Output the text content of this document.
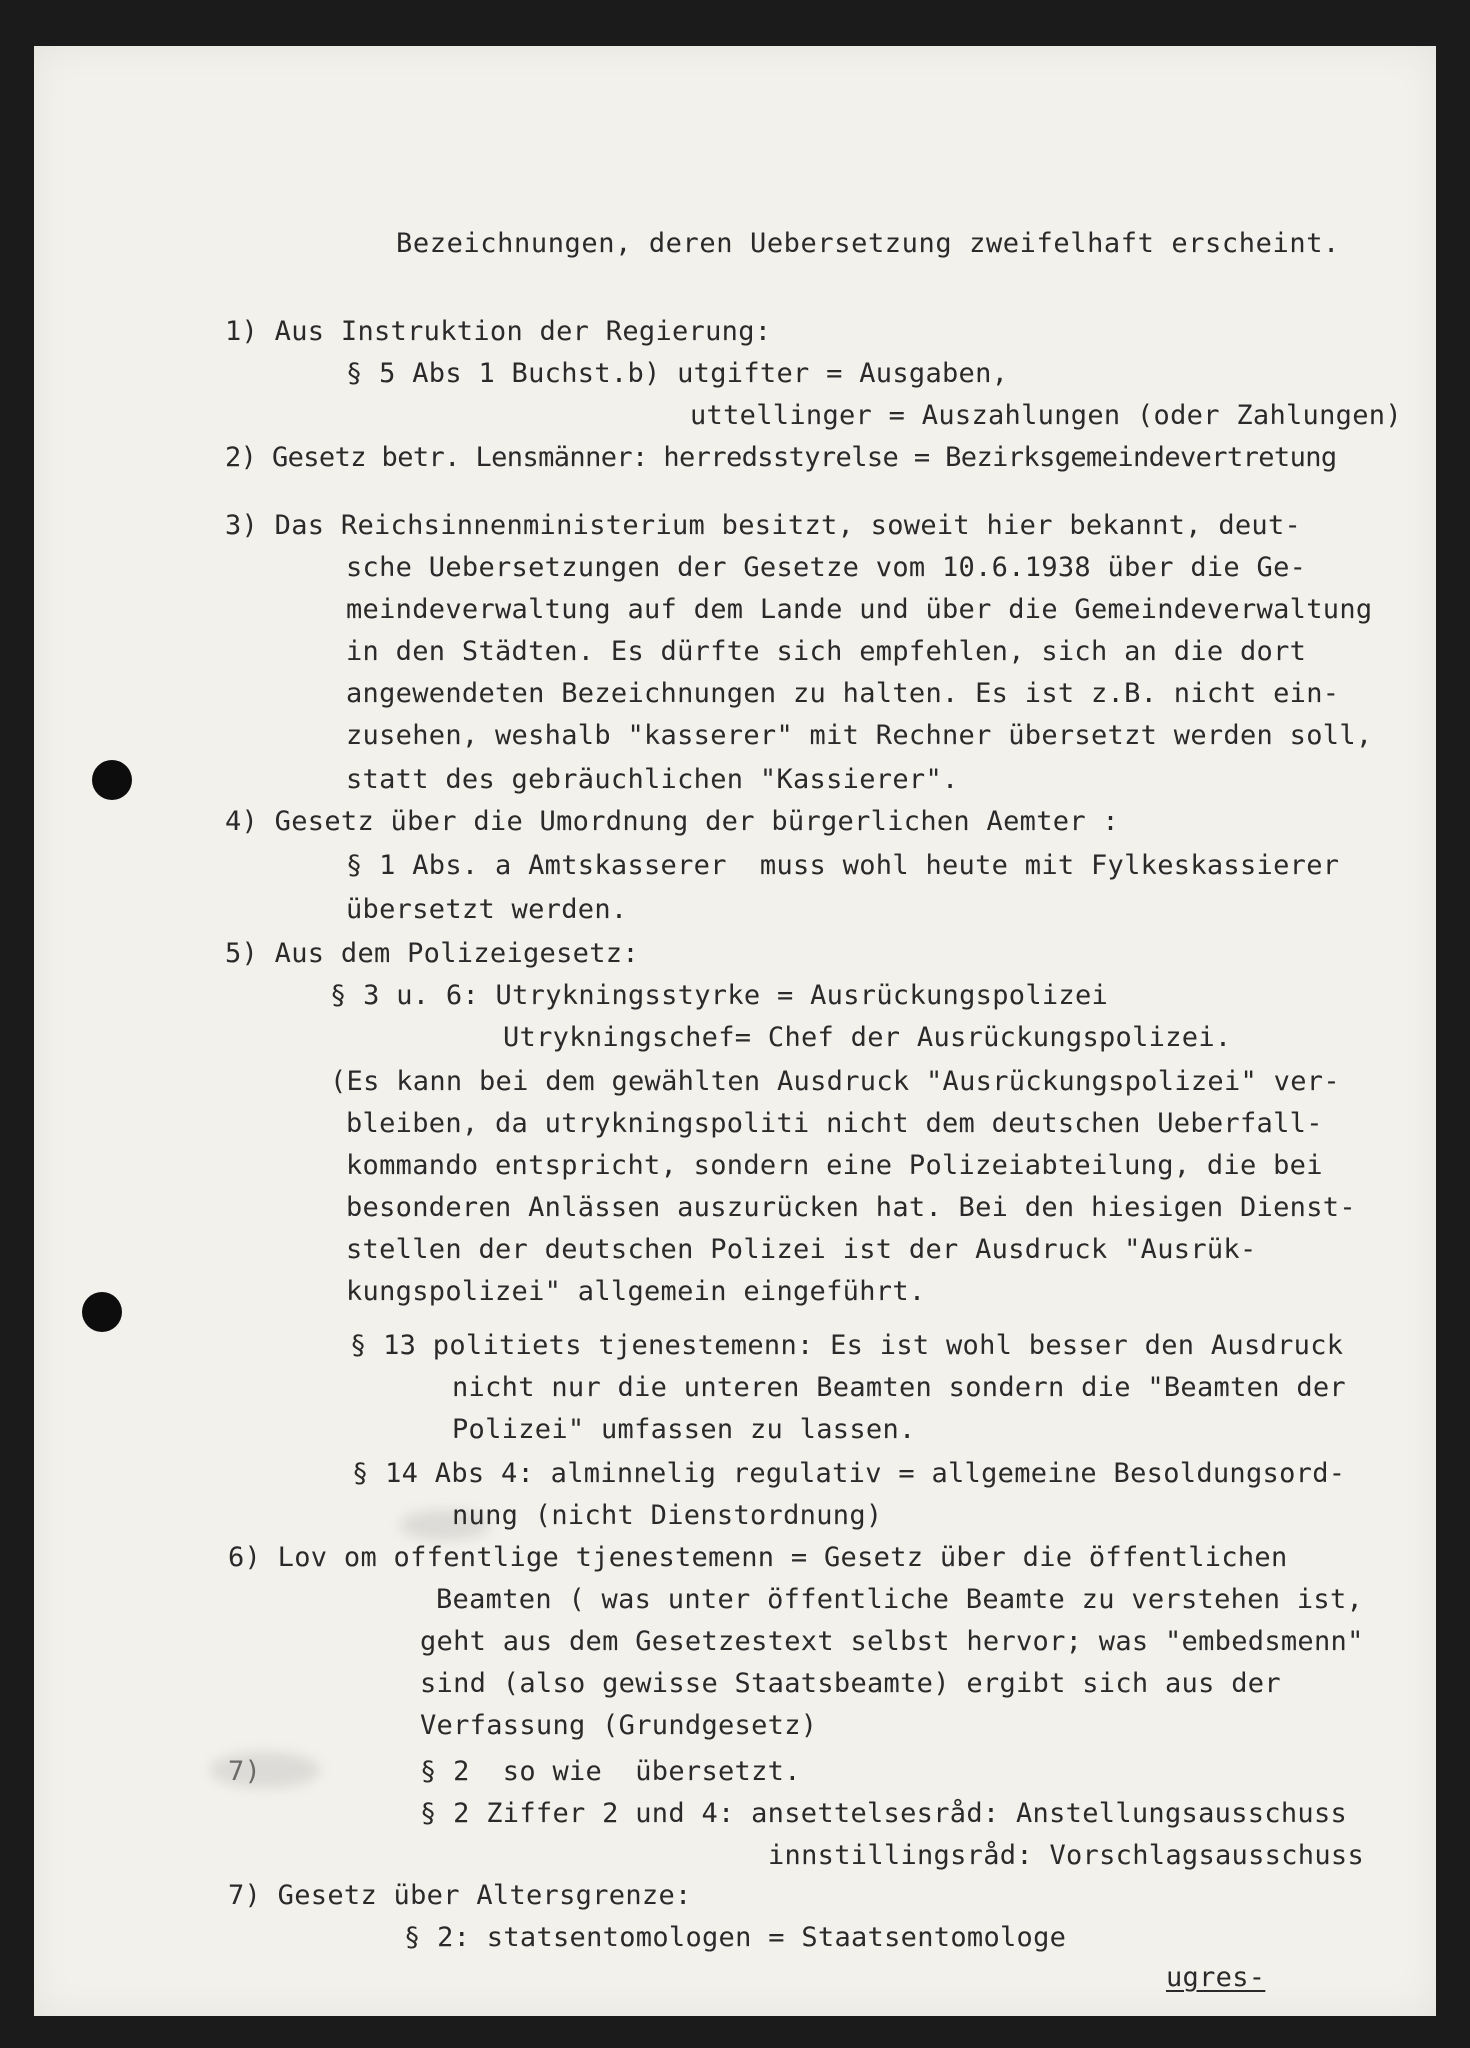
Bezeichnungen, deren Uebersetzung zweifelhaft erscheint.
1) Aus Instruktion der Regierung:
§ 5 Abs 1 Buchst.b) utgifter = Ausgaben,
uttellinger = Auszahlungen (oder Zahlungen)
2) Gesetz betr. Lensmänner: herredsstyrelse = Bezirksgemeindevertretung
3) Das Reichsinnenministerium besitzt, soweit hier bekannt, deut-
sche Uebersetzungen der Gesetze vom 10.6.1938 über die Ge-
meindeverwaltung auf dem Lande und über die Gemeindeverwaltung
in den Städten. Es dürfte sich empfehlen, sich an die dort
angewendeten Bezeichnungen zu halten. Es ist z.B. nicht ein-
zusehen, weshalb "kasserer" mit Rechner übersetzt werden soll,
statt des gebräuchlichen "Kassierer".
4) Gesetz über die Umordnung der bürgerlichen Aemter :
§ 1 Abs. a Amtskasserer  muss wohl heute mit Fylkeskassierer
übersetzt werden.
5) Aus dem Polizeigesetz:
§ 3 u. 6: Utrykningsstyrke = Ausrückungspolizei
Utrykningschef= Chef der Ausrückungspolizei.
(Es kann bei dem gewählten Ausdruck "Ausrückungspolizei" ver-
bleiben, da utrykningspoliti nicht dem deutschen Ueberfall-
kommando entspricht, sondern eine Polizeiabteilung, die bei
besonderen Anlässen auszurücken hat. Bei den hiesigen Dienst-
stellen der deutschen Polizei ist der Ausdruck "Ausrük-
kungspolizei" allgemein eingeführt.
§ 13 politiets tjenestemenn: Es ist wohl besser den Ausdruck
nicht nur die unteren Beamten sondern die "Beamten der
Polizei" umfassen zu lassen.
§ 14 Abs 4: alminnelig regulativ = allgemeine Besoldungsord-
nung (nicht Dienstordnung)
6) Lov om offentlige tjenestemenn = Gesetz über die öffentlichen
Beamten ( was unter öffentliche Beamte zu verstehen ist,
geht aus dem Gesetzestext selbst hervor; was "embedsmenn"
sind (also gewisse Staatsbeamte) ergibt sich aus der
Verfassung (Grundgesetz)
7)	§ 2  so wie  übersetzt.
§ 2 Ziffer 2 und 4: ansettelsesråd: Anstellungsausschuss
innstillingsråd: Vorschlagsausschuss
7) Gesetz über Altersgrenze:
§ 2: statsentomologen = Staatsentomologe
ugres-
